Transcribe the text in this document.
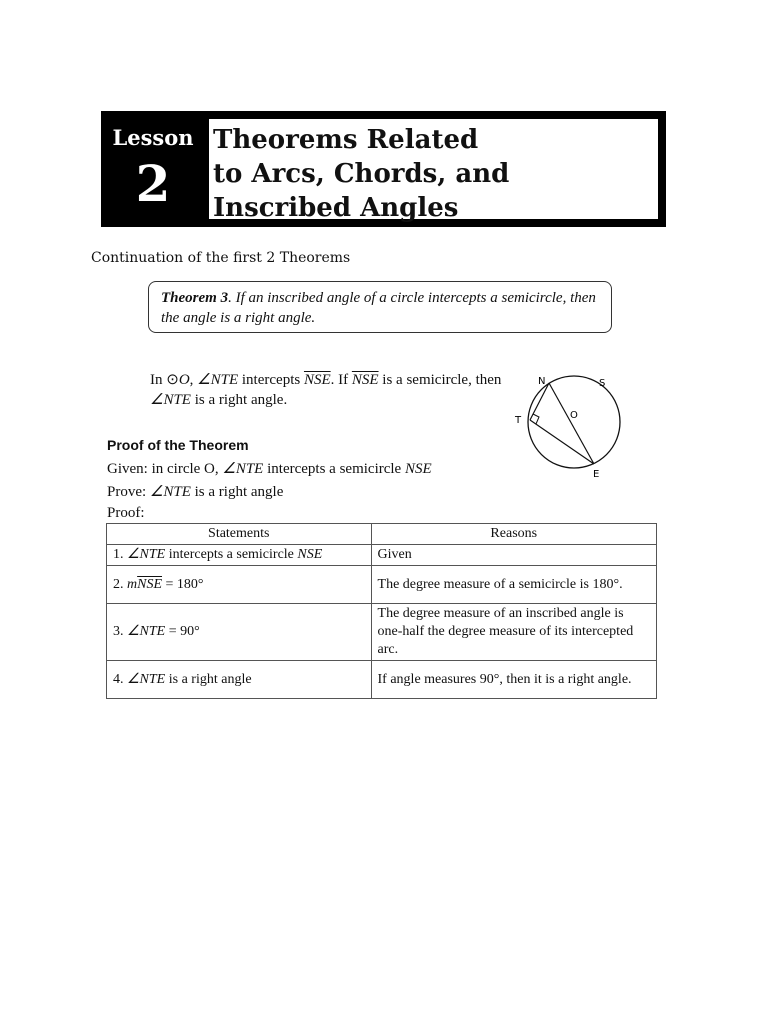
Lesson
2
Theorems Related
to Arcs, Chords, and
Inscribed Angles
Continuation of the first 2 Theorems
Theorem 3. If an inscribed angle of a circle intercepts a semicircle, then the angle is a right angle.
In ⊙O, ∠NTE intercepts $\overline{NSE}$. If $\overline{NSE}$ is a semicircle, then ∠NTE is a right angle.
N	S
O
T
E
Proof of the Theorem
Given: in circle O, ∠NTE intercepts a semicircle NSE
Prove: ∠NTE is a right angle
Proof:
Statements	Reasons
1. ∠NTE intercepts a semicircle NSE	Given
2. $m\overline{NSE} = 180^\circ$	The degree measure of a semicircle is 180°.
3. ∠NTE = 90°	The degree measure of an inscribed angle is one-half the degree measure of its intercepted arc.
4. ∠NTE is a right angle	If angle measures 90°, then it is a right angle.
